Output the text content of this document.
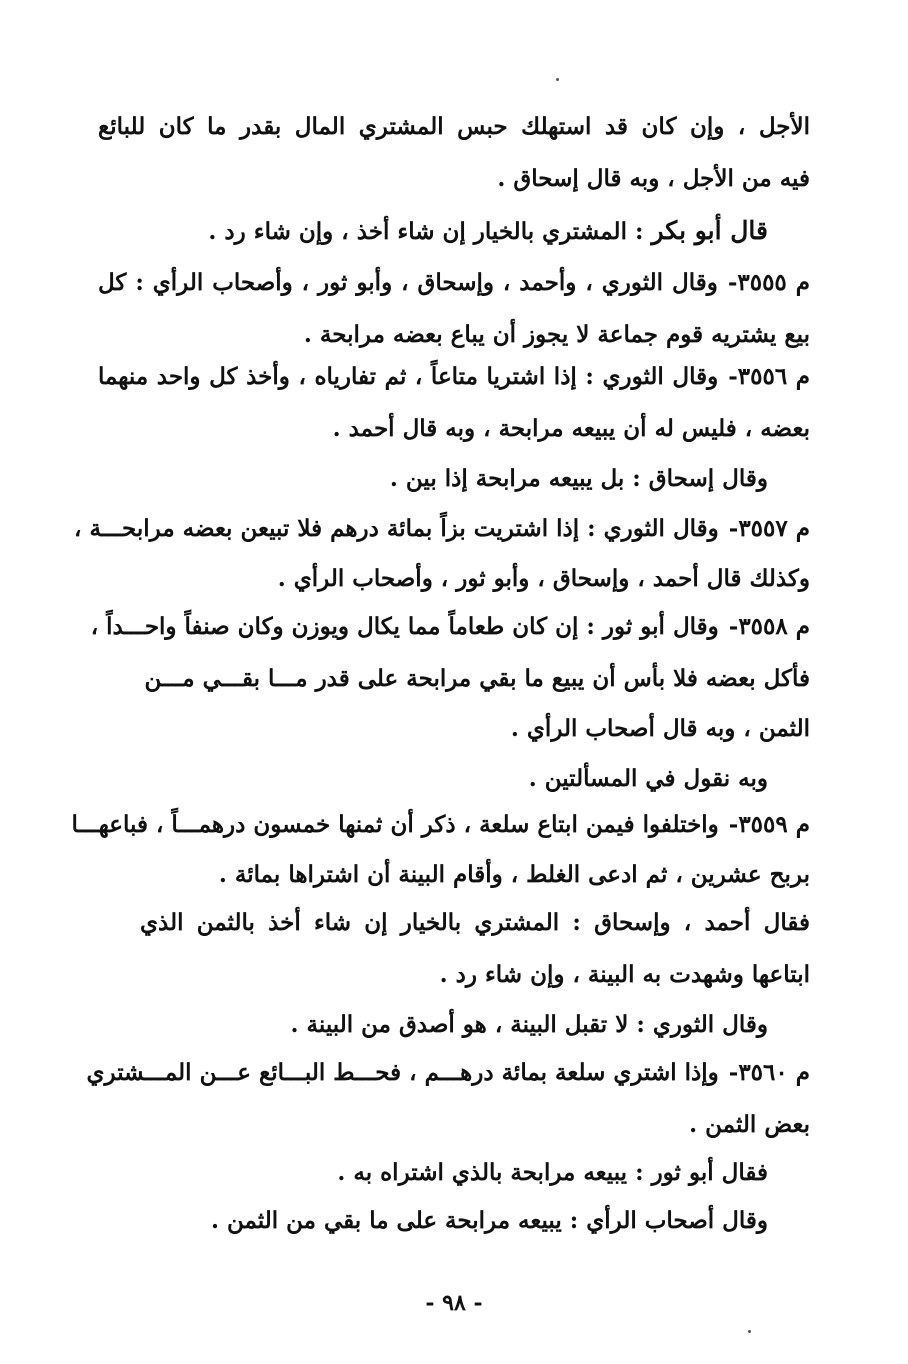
الأجل ، وإن كان قد استهلك حبس المشتري المال بقدر ما كان للبائع
فيه من الأجل ، وبه قال إسحاق .
قال أبو بكر : المشتري بالخيار إن شاء أخذ ، وإن شاء رد .
م ٣٥٥٥-وقال الثوري ، وأحمد ، وإسحاق ، وأبو ثور ، وأصحاب الرأي : كل
بيع يشتريه قوم جماعة لا يجوز أن يباع بعضه مرابحة .
م ٣٥٥٦-وقال الثوري : إذا اشتريا متاعاً ، ثم تفارياه ، وأخذ كل واحد منهما
بعضه ، فليس له أن يبيعه مرابحة ، وبه قال أحمد .
وقال إسحاق : بل يبيعه مرابحة إذا بين .
م ٣٥٥٧-وقال الثوري : إذا اشتريت بزاً بمائة درهم فلا تبيعن بعضه مرابحـــة ،
وكذلك قال أحمد ، وإسحاق ، وأبو ثور ، وأصحاب الرأي .
م ٣٥٥٨-وقال أبو ثور : إن كان طعاماً مما يكال ويوزن وكان صنفاً واحـــداً ،
فأكل بعضه فلا بأس أن يبيع ما بقي مرابحة على قدر مـــا بقـــي مـــن
الثمن ، وبه قال أصحاب الرأي .
وبه نقول في المسألتين .
م ٣٥٥٩-واختلفوا فيمن ابتاع سلعة ، ذكر أن ثمنها خمسون درهمـــاً ، فباعهـــا
بربح عشرين ، ثم ادعى الغلط ، وأقام البينة أن اشتراها بمائة .
فقال أحمد ، وإسحاق : المشتري بالخيار إن شاء أخذ بالثمن الذي
ابتاعها وشهدت به البينة ، وإن شاء رد .
وقال الثوري : لا تقبل البينة ، هو أصدق من البينة .
م ٣٥٦٠-وإذا اشتري سلعة بمائة درهـــم ، فحـــط البـــائع عـــن المـــشتري
بعض الثمن .
فقال أبو ثور : يبيعه مرابحة بالذي اشتراه به .
وقال أصحاب الرأي : يبيعه مرابحة على ما بقي من الثمن .
- ٩٨ -
